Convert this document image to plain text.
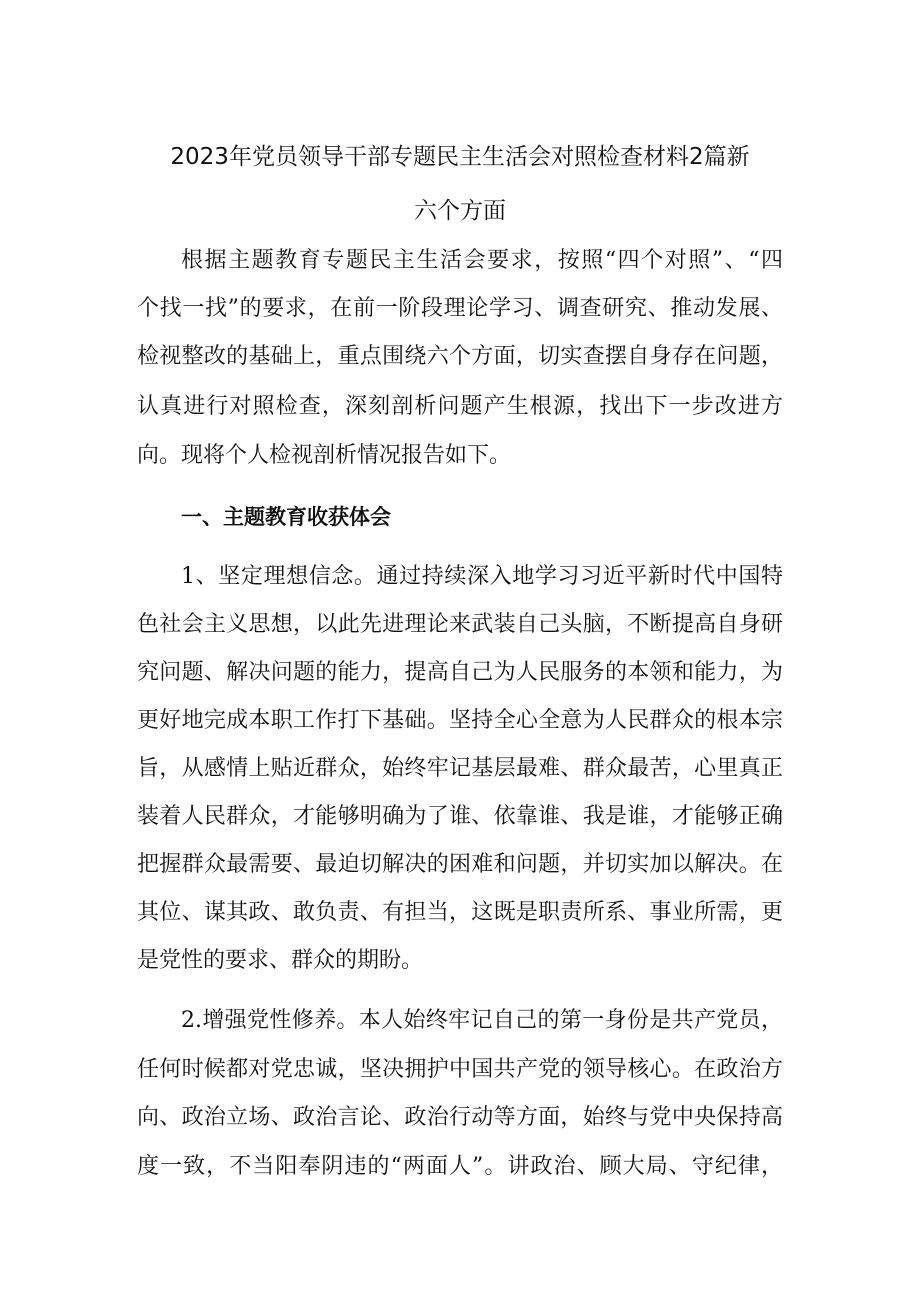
2023年党员领导干部专题民主生活会对照检查材料2篇新
六个方面
根据主题教育专题民主生活会要求，按照“四个对照”、“四
个找一找”的要求，在前一阶段理论学习、调查研究、推动发展、
检视整改的基础上，重点围绕六个方面，切实查摆自身存在问题，
认真进行对照检查，深刻剖析问题产生根源，找出下一步改进方
向。现将个人检视剖析情况报告如下。
一、主题教育收获体会
1、坚定理想信念。通过持续深入地学习习近平新时代中国特
色社会主义思想，以此先进理论来武装自己头脑，不断提高自身研
究问题、解决问题的能力，提高自己为人民服务的本领和能力，为
更好地完成本职工作打下基础。坚持全心全意为人民群众的根本宗
旨，从感情上贴近群众，始终牢记基层最难、群众最苦，心里真正
装着人民群众，才能够明确为了谁、依靠谁、我是谁，才能够正确
把握群众最需要、最迫切解决的困难和问题，并切实加以解决。在
其位、谋其政、敢负责、有担当，这既是职责所系、事业所需，更
是党性的要求、群众的期盼。
2.增强党性修养。本人始终牢记自己的第一身份是共产党员，
任何时候都对党忠诚，坚决拥护中国共产党的领导核心。在政治方
向、政治立场、政治言论、政治行动等方面，始终与党中央保持高
度一致，不当阳奉阴违的“两面人”。讲政治、顾大局、守纪律，
